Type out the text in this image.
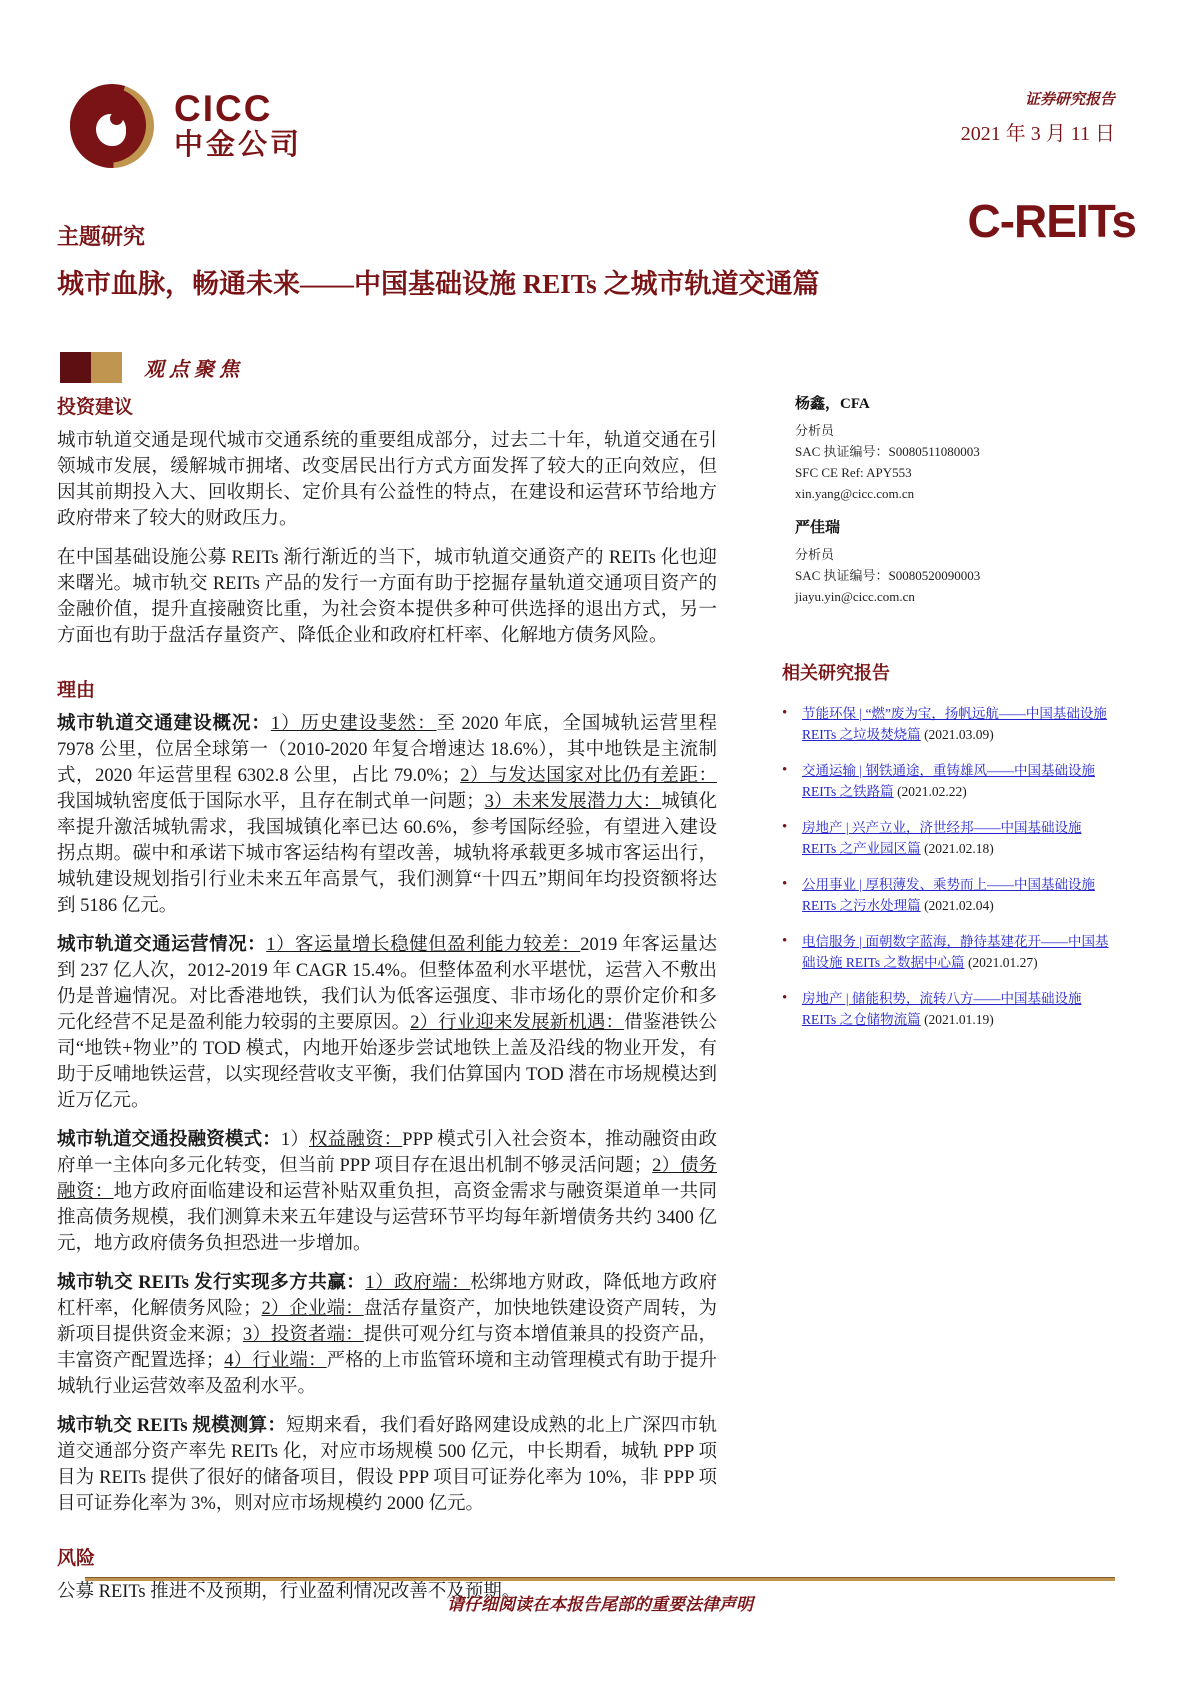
CICC
中金公司
证券研究报告
2021 年 3 月 11 日
主题研究	C-REITs
城市血脉，畅通未来——中国基础设施 REITs 之城市轨道交通篇
观点聚焦
投资建议

城市轨道交通是现代城市交通系统的重要组成部分，过去二十年，轨道交通在引领城市发展，缓解城市拥堵、改变居民出行方式方面发挥了较大的正向效应，但因其前期投入大、回收期长、定价具有公益性的特点，在建设和运营环节给地方政府带来了较大的财政压力。

在中国基础设施公募 REITs 渐行渐近的当下，城市轨道交通资产的 REITs 化也迎来曙光。城市轨交 REITs 产品的发行一方面有助于挖掘存量轨道交通项目资产的金融价值，提升直接融资比重，为社会资本提供多种可供选择的退出方式，另一方面也有助于盘活存量资产、降低企业和政府杠杆率、化解地方债务风险。

理由

城市轨道交通建设概况：1）历史建设斐然：至 2020 年底，全国城轨运营里程 7978 公里，位居全球第一（2010-2020 年复合增速达 18.6%），其中地铁是主流制式，2020 年运营里程 6302.8 公里，占比 79.0%；2）与发达国家对比仍有差距：我国城轨密度低于国际水平，且存在制式单一问题；3）未来发展潜力大：城镇化率提升激活城轨需求，我国城镇化率已达 60.6%，参考国际经验，有望进入建设拐点期。碳中和承诺下城市客运结构有望改善，城轨将承载更多城市客运出行，城轨建设规划指引行业未来五年高景气，我们测算“十四五”期间年均投资额将达到 5186 亿元。

城市轨道交通运营情况：1）客运量增长稳健但盈利能力较差：2019 年客运量达到 237 亿人次，2012-2019 年 CAGR 15.4%。但整体盈利水平堪忧，运营入不敷出仍是普遍情况。对比香港地铁，我们认为低客运强度、非市场化的票价定价和多元化经营不足是盈利能力较弱的主要原因。2）行业迎来发展新机遇：借鉴港铁公司“地铁+物业”的 TOD 模式，内地开始逐步尝试地铁上盖及沿线的物业开发，有助于反哺地铁运营，以实现经营收支平衡，我们估算国内 TOD 潜在市场规模达到近万亿元。

城市轨道交通投融资模式：1）权益融资：PPP 模式引入社会资本，推动融资由政府单一主体向多元化转变，但当前 PPP 项目存在退出机制不够灵活问题；2）债务融资：地方政府面临建设和运营补贴双重负担，高资金需求与融资渠道单一共同推高债务规模，我们测算未来五年建设与运营环节平均每年新增债务共约 3400 亿元，地方政府债务负担恐进一步增加。

城市轨交 REITs 发行实现多方共赢：1）政府端：松绑地方财政，降低地方政府杠杆率，化解债务风险；2）企业端：盘活存量资产，加快地铁建设资产周转，为新项目提供资金来源；3）投资者端：提供可观分红与资本增值兼具的投资产品，丰富资产配置选择；4）行业端：严格的上市监管环境和主动管理模式有助于提升城轨行业运营效率及盈利水平。

城市轨交 REITs 规模测算：短期来看，我们看好路网建设成熟的北上广深四市轨道交通部分资产率先 REITs 化，对应市场规模 500 亿元，中长期看，城轨 PPP 项目为 REITs 提供了很好的储备项目，假设 PPP 项目可证券化率为 10%，非 PPP 项目可证券化率为 3%，则对应市场规模约 2000 亿元。

风险

公募 REITs 推进不及预期，行业盈利情况改善不及预期。

杨鑫，CFA
分析员
SAC 执证编号：S0080511080003
SFC CE Ref: APY553
xin.yang@cicc.com.cn
严佳瑞
分析员
SAC 执证编号：S0080520090003
jiayu.yin@cicc.com.cn
相关研究报告
•	节能环保 | “燃”废为宝，扬帆远航——中国基础设施 REITs 之垃圾焚烧篇 (2021.03.09)
•	交通运输 | 钢铁通途，重铸雄风——中国基础设施 REITs 之铁路篇 (2021.02.22)
•	房地产 | 兴产立业，济世经邦——中国基础设施 REITs 之产业园区篇 (2021.02.18)
•	公用事业 | 厚积薄发、乘势而上——中国基础设施 REITs 之污水处理篇 (2021.02.04)
•	电信服务 | 面朝数字蓝海，静待基建花开——中国基础设施 REITs 之数据中心篇 (2021.01.27)
•	房地产 | 储能积势，流转八方——中国基础设施 REITs 之仓储物流篇 (2021.01.19)
请仔细阅读在本报告尾部的重要法律声明
